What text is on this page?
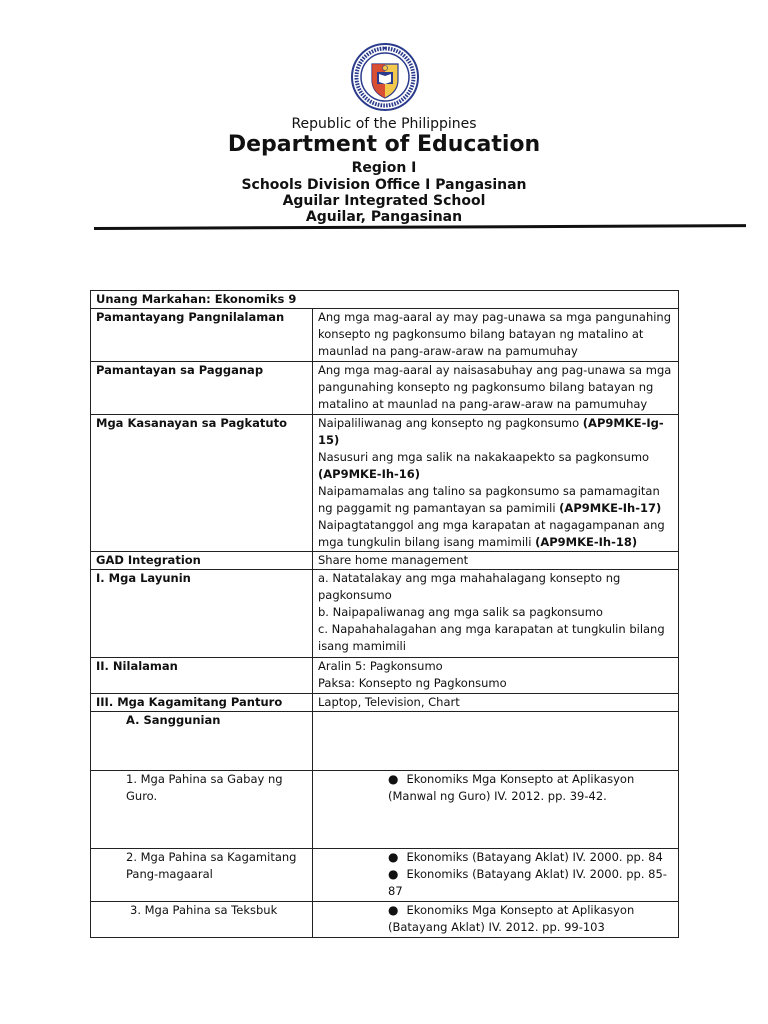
Republic of the Philippines
Department of Education
Region I
Schools Division Office I Pangasinan
Aguilar Integrated School
Aguilar, Pangasinan
Unang Markahan: Ekonomiks 9	
Pamantayang Pangnilalaman	Ang mga mag-aaral ay may pag-unawa sa mga pangunahing konsepto ng pagkonsumo bilang batayan ng matalino at maunlad na pang-araw-araw na pamumuhay
Pamantayan sa Pagganap	Ang mga mag-aaral ay naisasabuhay ang pag-unawa sa mga pangunahing konsepto ng pagkonsumo bilang batayan ng matalino at maunlad na pang-araw-araw na pamumuhay
Mga Kasanayan sa Pagkatuto	Naipaliliwanag ang konsepto ng pagkonsumo (AP9MKE-Ig-15)
Nasusuri ang mga salik na nakakaapekto sa pagkonsumo (AP9MKE-Ih-16)
Naipamamalas ang talino sa pagkonsumo sa pamamagitan ng paggamit ng pamantayan sa pamimili (AP9MKE-Ih-17)
Naipagtatanggol ang mga karapatan at nagagampanan ang mga tungkulin bilang isang mamimili (AP9MKE-Ih-18)
GAD Integration	Share home management
I. Mga Layunin	a. Natatalakay ang mga mahahalagang konsepto ng pagkonsumo
b. Naipapaliwanag ang mga salik sa pagkonsumo
c. Napahahalagahan ang mga karapatan at tungkulin bilang isang mamimili

II. Nilalaman	Aralin 5: Pagkonsumo
Paksa: Konsepto ng Pagkonsumo

III. Mga Kagamitang Panturo	Laptop, Television, Chart
A. Sanggunian	
1. Mga Pahina sa Gabay ng Guro.	● Ekonomiks Mga Konsepto at Aplikasyon (Manwal ng Guro) IV. 2012. pp. 39-42.

2. Mga Pahina sa Kagamitang Pang-magaaral	● Ekonomiks (Batayang Aklat) IV. 2000. pp. 84
● Ekonomiks (Batayang Aklat) IV. 2000. pp. 85-87

3. Mga Pahina sa Teksbuk	● Ekonomiks Mga Konsepto at Aplikasyon (Batayang Aklat) IV. 2012. pp. 99-103
